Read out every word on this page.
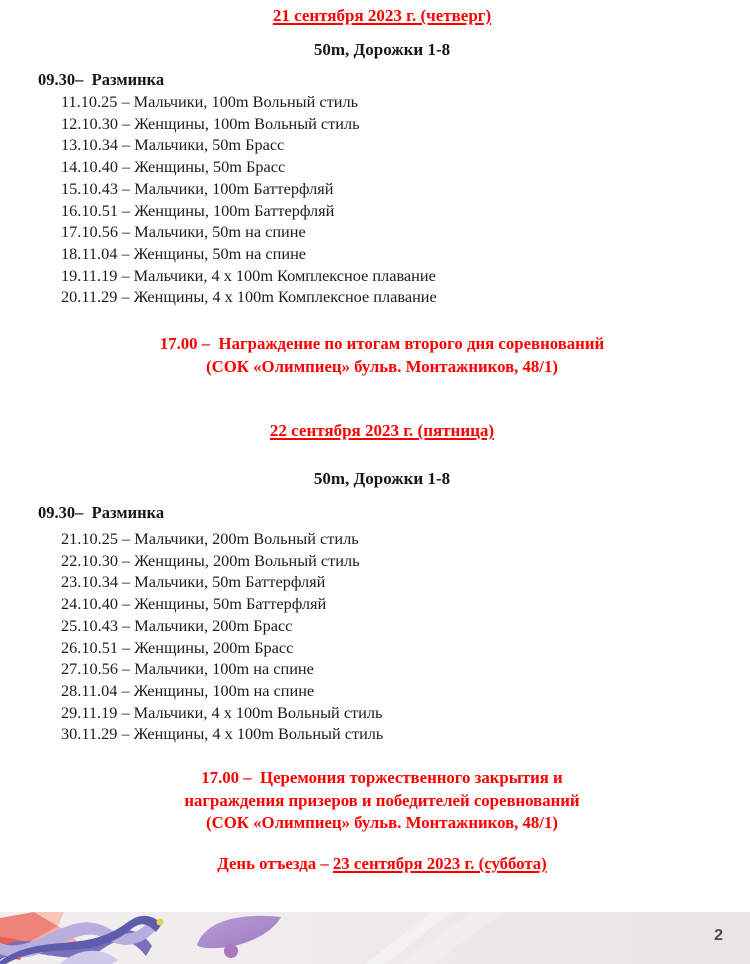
21 сентября 2023 г. (четверг)
50m, Дорожки 1-8
09.30–  Разминка
11.10.25 – Мальчики, 100m Вольный стиль
12.10.30 – Женщины, 100m Вольный стиль
13.10.34 – Мальчики, 50m Брасс
14.10.40 – Женщины, 50m Брасс
15.10.43 – Мальчики, 100m Баттерфляй
16.10.51 – Женщины, 100m Баттерфляй
17.10.56 – Мальчики, 50m на спине
18.11.04 – Женщины, 50m на спине
19.11.19 – Мальчики, 4 x 100m Комплексное плавание
20.11.29 – Женщины, 4 x 100m Комплексное плавание
17.00 –  Награждение по итогам второго дня соревнований
(СОК «Олимпиец» бульв. Монтажников, 48/1)
22 сентября 2023 г. (пятница)
50m, Дорожки 1-8
09.30–  Разминка
21.10.25 – Мальчики, 200m Вольный стиль
22.10.30 – Женщины, 200m Вольный стиль
23.10.34 – Мальчики, 50m Баттерфляй
24.10.40 – Женщины, 50m Баттерфляй
25.10.43 – Мальчики, 200m Брасс
26.10.51 – Женщины, 200m Брасс
27.10.56 – Мальчики, 100m на спине
28.11.04 – Женщины, 100m на спине
29.11.19 – Мальчики, 4 x 100m Вольный стиль
30.11.29 – Женщины, 4 x 100m Вольный стиль
17.00 –  Церемония торжественного закрытия и
награждения призеров и победителей соревнований
(СОК «Олимпиец» бульв. Монтажников, 48/1)
День отъезда – 23 сентября 2023 г. (суббота)
2
